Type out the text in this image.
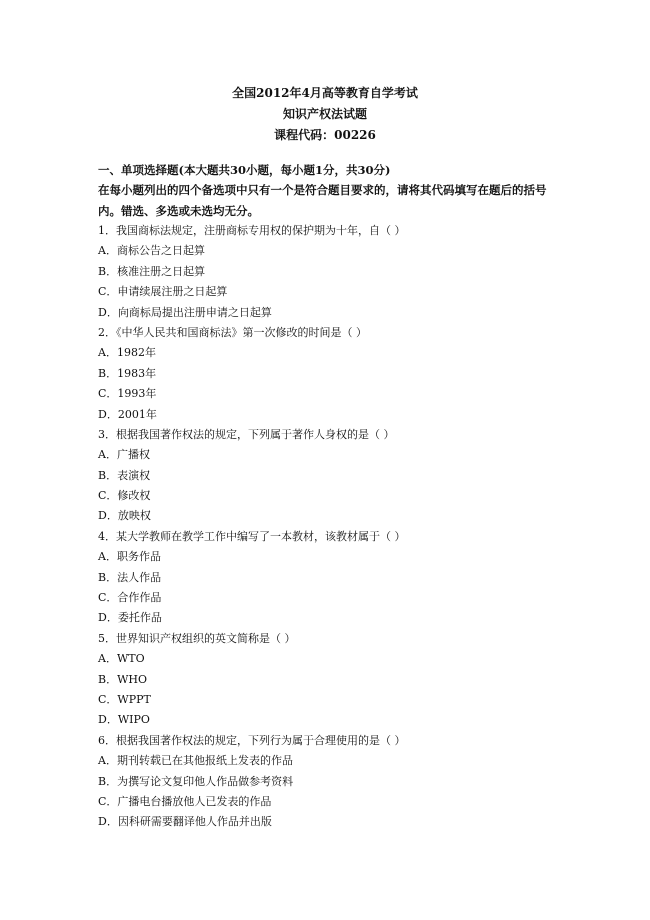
全国2012年4月高等教育自学考试
知识产权法试题
课程代码：00226
一、单项选择题(本大题共30小题，每小题1分，共30分)
在每小题列出的四个备选项中只有一个是符合题目要求的，请将其代码填写在题后的括号内。错选、多选或未选均无分。
1．我国商标法规定，注册商标专用权的保护期为十年，自（ ）
A．商标公告之日起算
B．核准注册之日起算
C．申请续展注册之日起算
D．向商标局提出注册申请之日起算
2．《中华人民共和国商标法》第一次修改的时间是（ ）
A．1982年
B．1983年
C．1993年
D．2001年
3．根据我国著作权法的规定，下列属于著作人身权的是（ ）
A．广播权
B．表演权
C．修改权
D．放映权
4．某大学教师在教学工作中编写了一本教材，该教材属于（ ）
A．职务作品
B．法人作品
C．合作作品
D．委托作品
5．世界知识产权组织的英文简称是（ ）
A．WTO
B．WHO
C．WPPT
D．WIPO
6．根据我国著作权法的规定，下列行为属于合理使用的是（ ）
A．期刊转载已在其他报纸上发表的作品
B．为撰写论文复印他人作品做参考资料
C．广播电台播放他人已发表的作品
D．因科研需要翻译他人作品并出版
